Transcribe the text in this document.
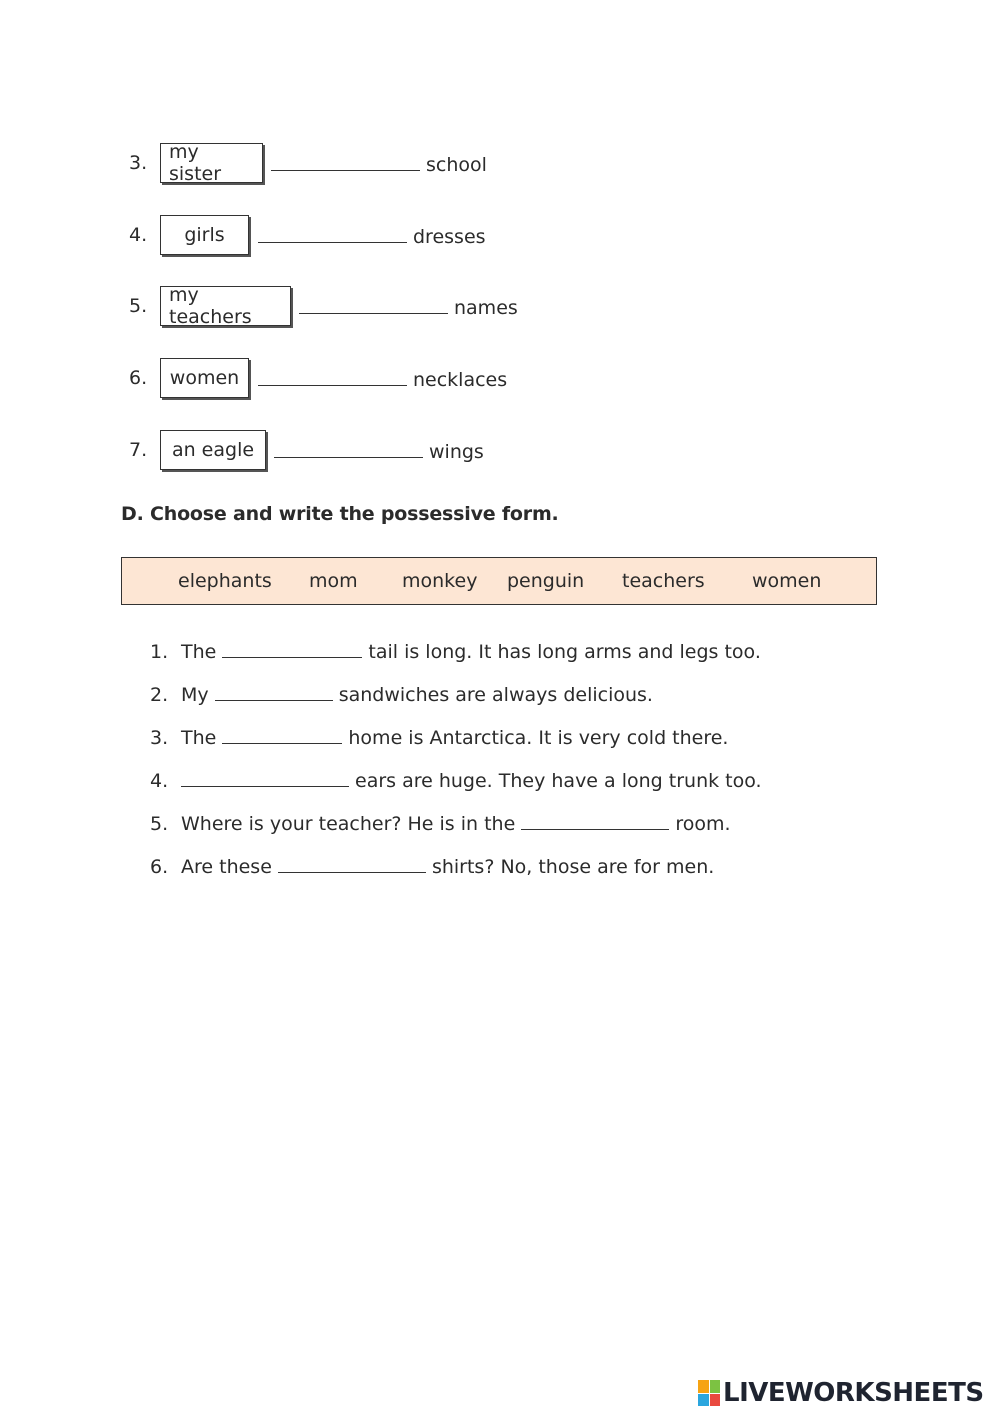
3.	my sister	school
4.	girls	dresses
5.	my teachers	names
6.	women	necklaces
7.	an eagle	wings
D. Choose and write the possessive form.
elephants mom monkey penguin teachers women
1. The	tail is long. It has long arms and legs too.
2. My	sandwiches are always delicious.
3. The	home is Antarctica. It is very cold there.
4.	ears are huge. They have a long trunk too.
5. Where is your teacher? He is in the	room.
6. Are these	shirts? No, those are for men.
LIVEWORKSHEETS
